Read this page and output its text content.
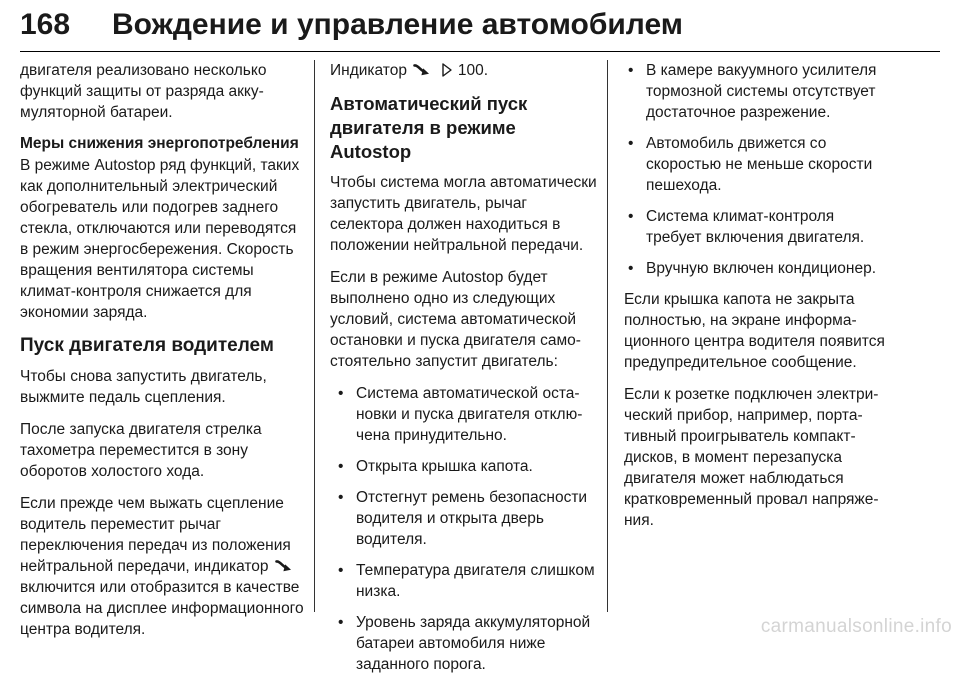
168 Вождение и управление автомобилем

двигателя реализовано несколько функций защиты от разряда аккумуляторной батареи.

Меры снижения энергопотребления

В режиме Autostop ряд функций, таких как дополнительный электрический обогреватель или подогрев заднего стекла, отключаются или переводятся в режим энергосбережения. Скорость вращения вентилятора системы климат-контроля снижается для экономии заряда.

Пуск двигателя водителем

Чтобы снова запустить двигатель, выжмите педаль сцепления.

После запуска двигателя стрелка тахометра переместится в зону оборотов холостого хода.

Если прежде чем выжать сцепление водитель переместит рычаг переключения передач из положения нейтральной передачи, индикатор  включится или отобразится в качестве символа на дисплее информационного центра водителя.

Индикатор	100.

Автоматический пуск двигателя в режиме Autostop

Чтобы система могла автоматически запустить двигатель, рычаг селектора должен находиться в положении нейтральной передачи.

Если в режиме Autostop будет выполнено одно из следующих условий, система автоматической остановки и пуска двигателя самостоятельно запустит двигатель:

• Система автоматической остановки и пуска двигателя отключена принудительно.
• Открыта крышка капота.
• Отстегнут ремень безопасности водителя и открыта дверь водителя.
• Температура двигателя слишком низка.
• Уровень заряда аккумуляторной батареи автомобиля ниже заданного порога.
• В камере вакуумного усилителя тормозной системы отсутствует достаточное разрежение.
• Автомобиль движется со скоростью не меньше скорости пешехода.
• Система климат-контроля требует включения двигателя.
• Вручную включен кондиционер.

Если крышка капота не закрыта полностью, на экране информационного центра водителя появится предупредительное сообщение.

Если к розетке подключен электрический прибор, например, портативный проигрыватель компакт-дисков, в момент перезапуска двигателя может наблюдаться кратковременный провал напряжения.

carmanualsonline.info
